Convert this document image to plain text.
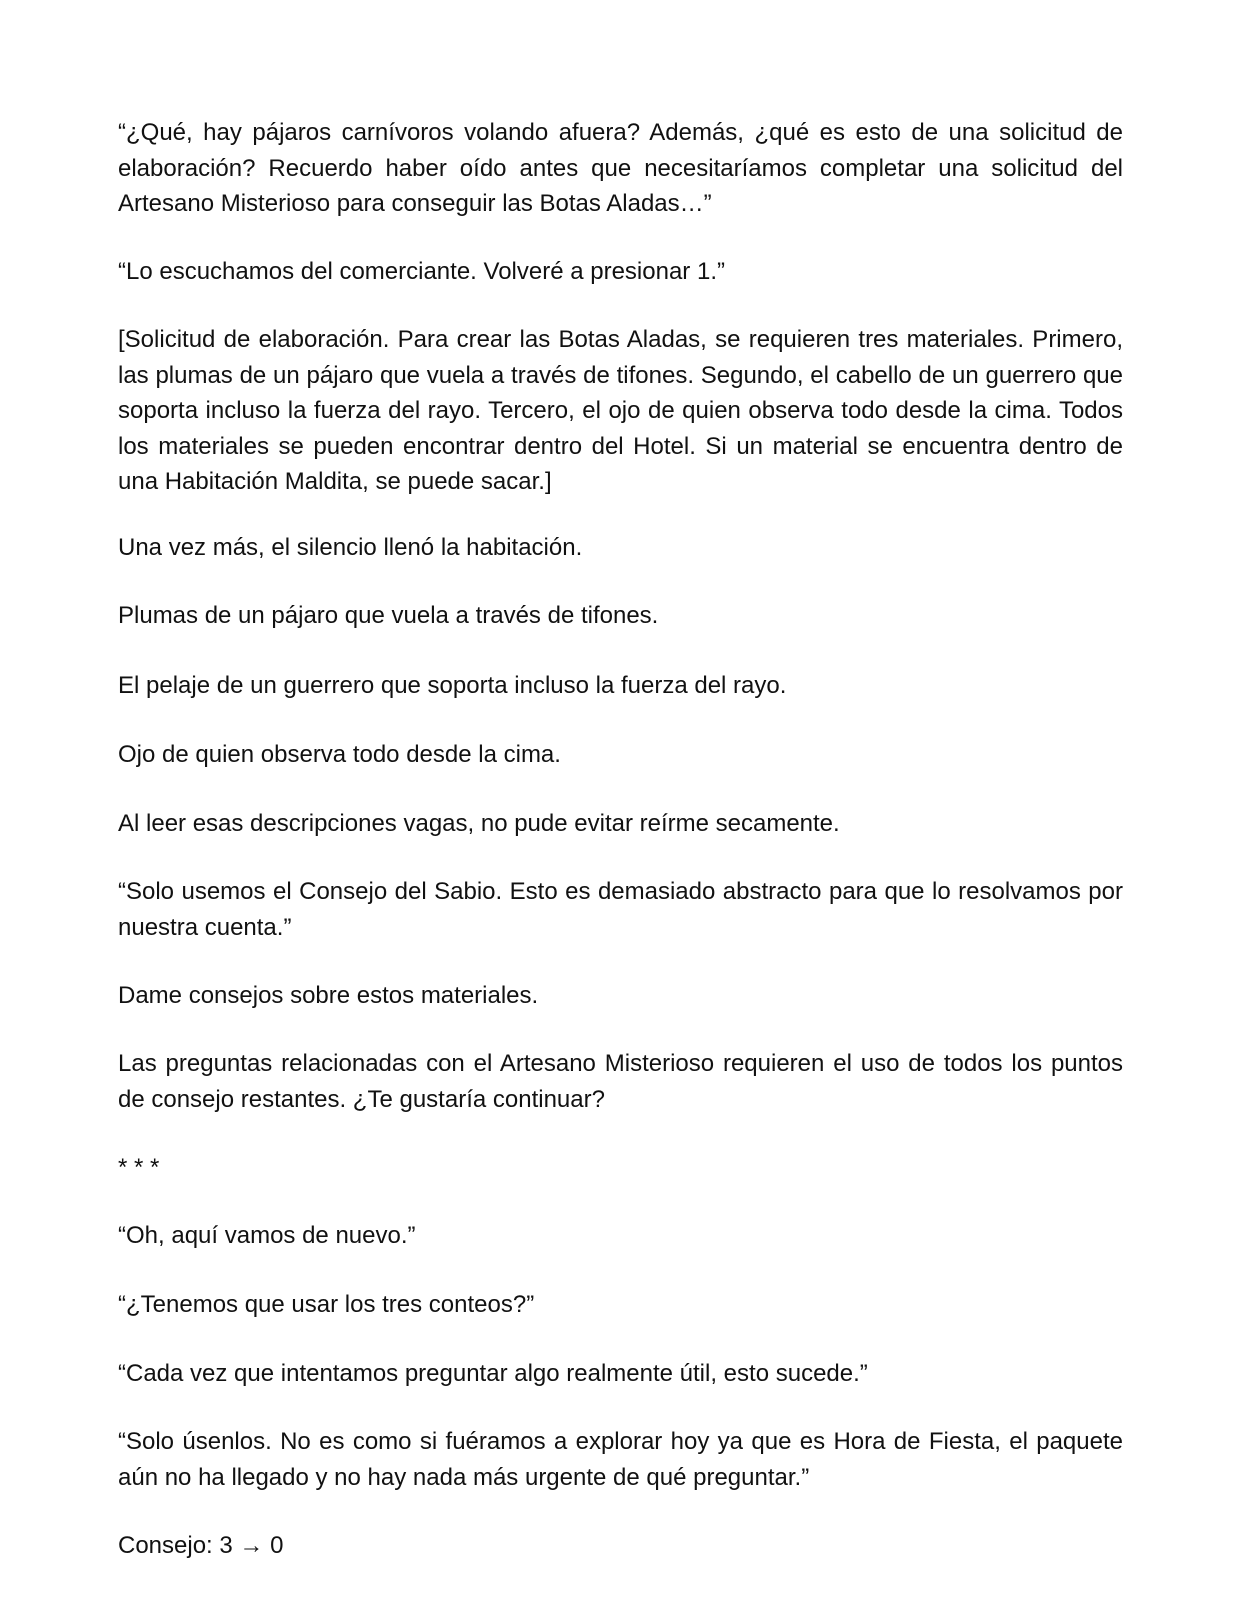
“¿Qué, hay pájaros carnívoros volando afuera? Además, ¿qué es esto de una solicitud de elaboración? Recuerdo haber oído antes que necesitaríamos completar una solicitud del Artesano Misterioso para conseguir las Botas Aladas…”

“Lo escuchamos del comerciante. Volveré a presionar 1.”

[Solicitud de elaboración. Para crear las Botas Aladas, se requieren tres materiales. Primero, las plumas de un pájaro que vuela a través de tifones. Segundo, el cabello de un guerrero que soporta incluso la fuerza del rayo. Tercero, el ojo de quien observa todo desde la cima. Todos los materiales se pueden encontrar dentro del Hotel. Si un material se encuentra dentro de una Habitación Maldita, se puede sacar.]

Una vez más, el silencio llenó la habitación.

Plumas de un pájaro que vuela a través de tifones.

El pelaje de un guerrero que soporta incluso la fuerza del rayo.

Ojo de quien observa todo desde la cima.

Al leer esas descripciones vagas, no pude evitar reírme secamente.

“Solo usemos el Consejo del Sabio. Esto es demasiado abstracto para que lo resolvamos por nuestra cuenta.”

Dame consejos sobre estos materiales.

Las preguntas relacionadas con el Artesano Misterioso requieren el uso de todos los puntos de consejo restantes. ¿Te gustaría continuar?

* * *

“Oh, aquí vamos de nuevo.”

“¿Tenemos que usar los tres conteos?”

“Cada vez que intentamos preguntar algo realmente útil, esto sucede.”

“Solo úsenlos. No es como si fuéramos a explorar hoy ya que es Hora de Fiesta, el paquete aún no ha llegado y no hay nada más urgente de qué preguntar.”

Consejo: 3 → 0
